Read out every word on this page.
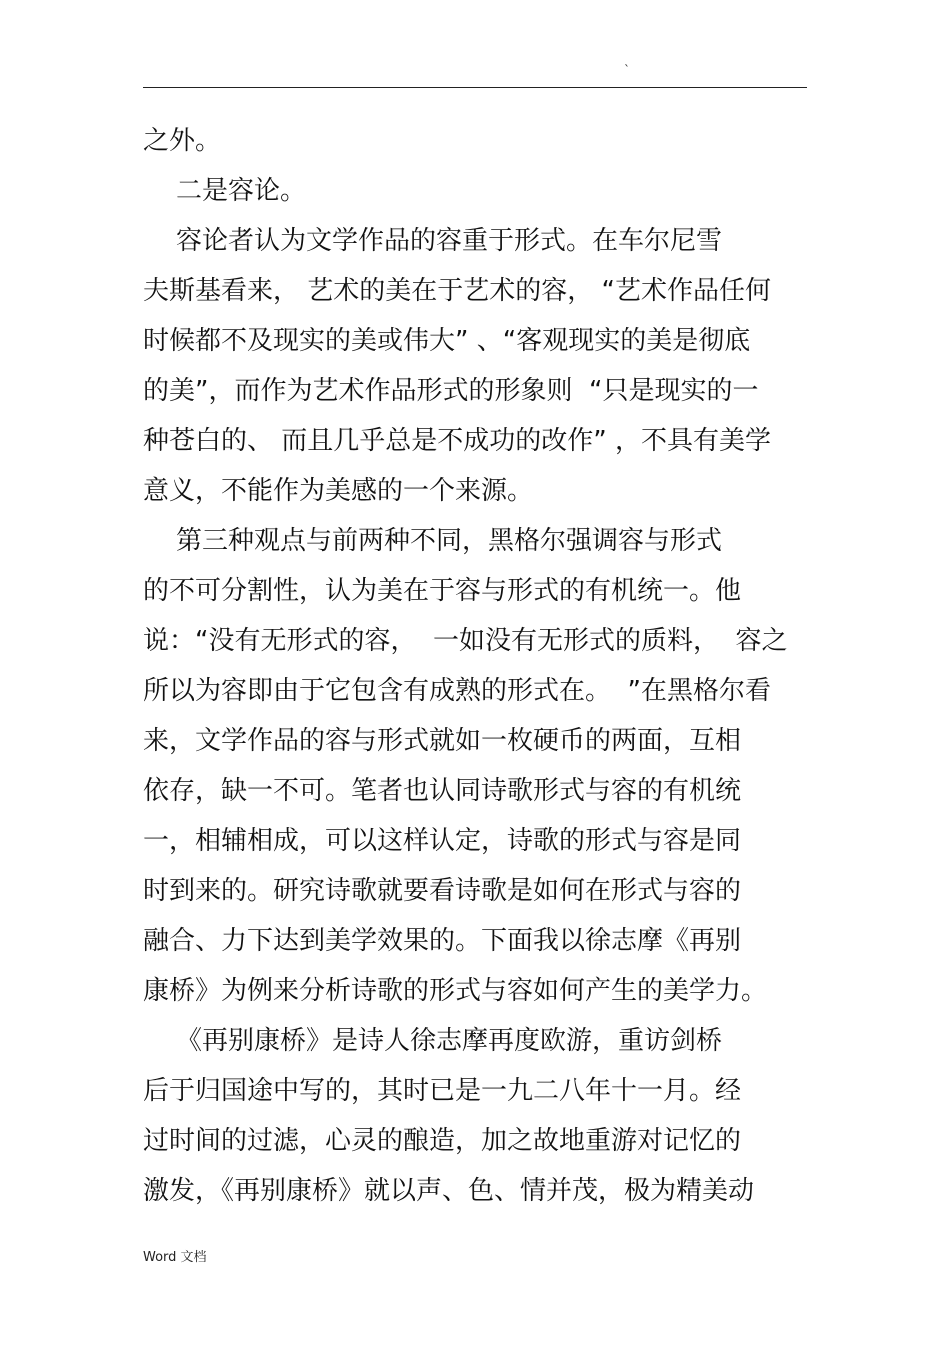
`
之外。
二是容论。
容论者认为文学作品的容重于形式。在车尔尼雪
夫斯基看来， 艺术的美在于艺术的容， “艺术作品任何
时候都不及现实的美或伟大” 、“客观现实的美是彻底
的美”，而作为艺术作品形式的形象则  “只是现实的一
种苍白的、 而且几乎总是不成功的改作” ，不具有美学
意义，不能作为美感的一个来源。
第三种观点与前两种不同，黑格尔强调容与形式
的不可分割性，认为美在于容与形式的有机统一。他
说：“没有无形式的容，  一如没有无形式的质料，  容之
所以为容即由于它包含有成熟的形式在。  ”在黑格尔看
来，文学作品的容与形式就如一枚硬币的两面，互相
依存，缺一不可。笔者也认同诗歌形式与容的有机统
一，相辅相成，可以这样认定，诗歌的形式与容是同
时到来的。研究诗歌就要看诗歌是如何在形式与容的
融合、力下达到美学效果的。下面我以徐志摩《再别
康桥》为例来分析诗歌的形式与容如何产生的美学力。
《再别康桥》是诗人徐志摩再度欧游，重访剑桥
后于归国途中写的，其时已是一九二八年十一月。经
过时间的过滤，心灵的酿造，加之故地重游对记忆的
激发，《再别康桥》就以声、色、情并茂，极为精美动
Word 文档
